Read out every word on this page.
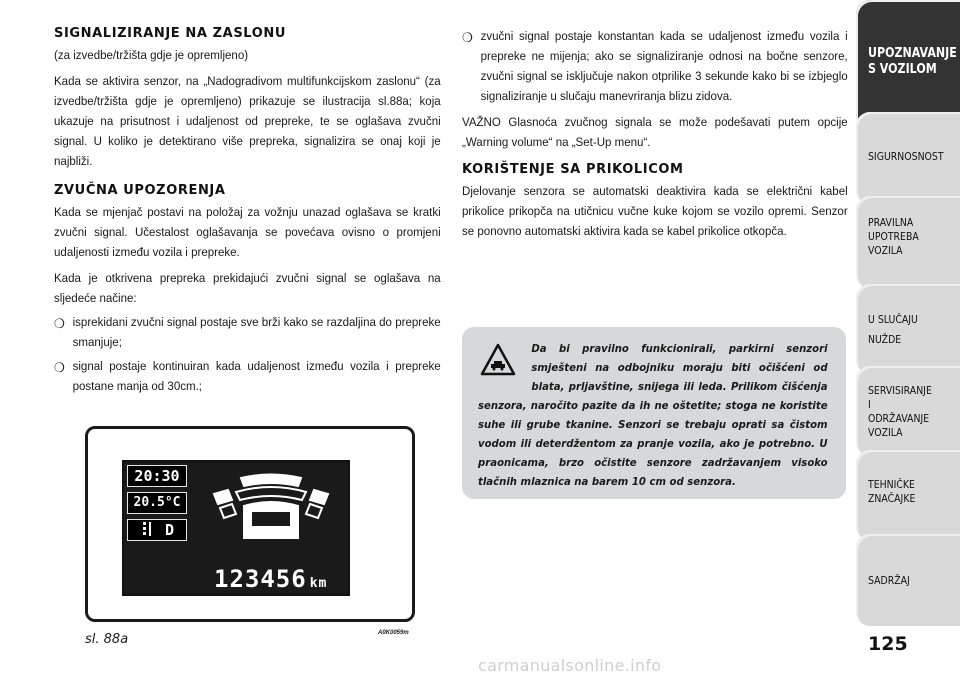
SIGNALIZIRANJE NA ZASLONU
(za izvedbe/tržišta gdje je opremljeno)
Kada se aktivira senzor, na „Nadogradivom multifunkcijskom zaslonu“ (za izvedbe/tržišta gdje je opremljeno) prikazuje se ilustracija sl.88a; koja ukazuje na prisutnost i udaljenost od prepreke, te se oglašava zvučni signal. U koliko je detektirano više prepreka, signalizira se onaj koji je najbliži.
ZVUČNA UPOZORENJA
Kada se mjenjač postavi na položaj za vožnju unazad oglašava se kratki zvučni signal. Učestalost oglašavanja se povećava ovisno o promjeni udaljenosti između vozila i prepreke.
Kada je otkrivena prepreka prekidajući zvučni signal se oglašava na sljedeće načine:
❍ isprekidani zvučni signal postaje sve brži kako se razdaljina do prepreke smanjuje;
❍ signal postaje kontinuiran kada udaljenost između vozila i prepreke postane manja od 30cm.;
❍ zvučni signal postaje konstantan kada se udaljenost između vozila i prepreke ne mijenja; ako se signaliziranje odnosi na bočne senzore, zvučni signal se isključuje nakon otprilike 3 sekunde kako bi se izbjeglo signaliziranje u slučaju manevriranja blizu zidova.
VAŽNO Glasnoća zvučnog signala se može podešavati putem opcije „Warning volume“ na „Set-Up menu“.
KORIŠTENJE SA PRIKOLICOM
Djelovanje senzora se automatski deaktivira kada se električni kabel prikolice prikopča na utičnicu vučne kuke kojom se vozilo opremi. Senzor se ponovno automatski aktivira kada se kabel prikolice otkopča.
Da bi pravilno funkcionirali, parkirni senzori smješteni na odbojniku moraju biti očišćeni od blata, prljavštine, snijega ili leda. Prilikom čišćenja senzora, naročito pazite da ih ne oštetite; stoga ne koristite suhe ili grube tkanine. Senzori se trebaju oprati sa čistom vodom ili deterdžentom za pranje vozila, ako je potrebno. U praonicama, brzo očistite senzore zadržavanjem visoko tlačnih mlaznica na barem 10 cm od senzora.
20:30
20.5°C
D
123456 km
sl. 88a	A0K0059m
UPOZNAVANJE S VOZILOM
SIGURNOSNOST
PRAVILNA UPOTREBA VOZILA
U SLUČAJU NUŽDE
SERVISIRANJE I ODRŽAVANJE VOZILA
TEHNIČKE ZNAČAJKE
SADRŽAJ
125
carmanualsonline.info
